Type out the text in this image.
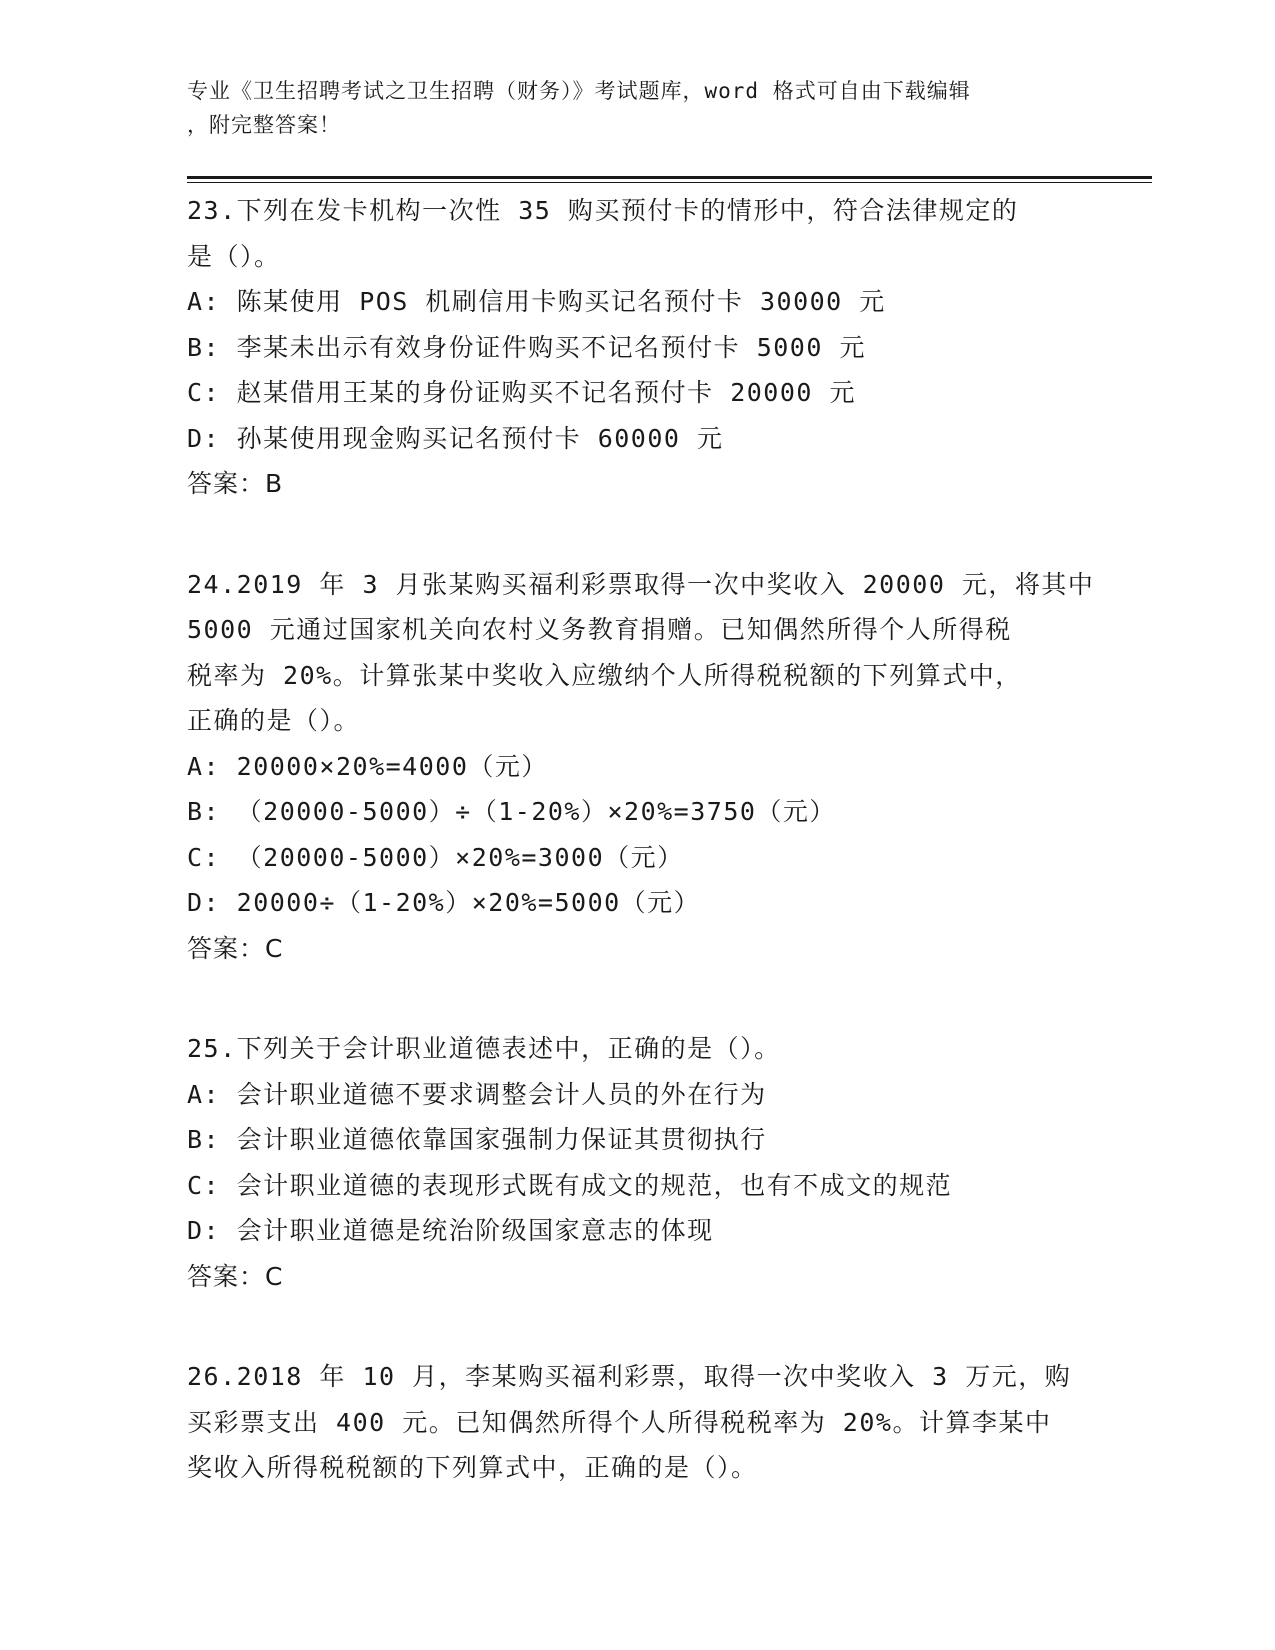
专业《卫生招聘考试之卫生招聘（财务）》考试题库，word 格式可自由下载编辑
，附完整答案！
23.下列在发卡机构一次性 35 购买预付卡的情形中，符合法律规定的
是（）。
A: 陈某使用 POS 机刷信用卡购买记名预付卡 30000 元
B: 李某未出示有效身份证件购买不记名预付卡 5000 元
C: 赵某借用王某的身份证购买不记名预付卡 20000 元
D: 孙某使用现金购买记名预付卡 60000 元
答案：B
24.2019 年 3 月张某购买福利彩票取得一次中奖收入 20000 元，将其中
5000 元通过国家机关向农村义务教育捐赠。已知偶然所得个人所得税
税率为 20%。计算张某中奖收入应缴纳个人所得税税额的下列算式中，
正确的是（）。
A: 20000×20%=4000（元）
B: （20000-5000）÷（1-20%）×20%=3750（元）
C: （20000-5000）×20%=3000（元）
D: 20000÷（1-20%）×20%=5000（元）
答案：C
25.下列关于会计职业道德表述中，正确的是（）。
A: 会计职业道德不要求调整会计人员的外在行为
B: 会计职业道德依靠国家强制力保证其贯彻执行
C: 会计职业道德的表现形式既有成文的规范，也有不成文的规范
D: 会计职业道德是统治阶级国家意志的体现
答案：C
26.2018 年 10 月，李某购买福利彩票，取得一次中奖收入 3 万元，购
买彩票支出 400 元。已知偶然所得个人所得税税率为 20%。计算李某中
奖收入所得税税额的下列算式中，正确的是（）。
